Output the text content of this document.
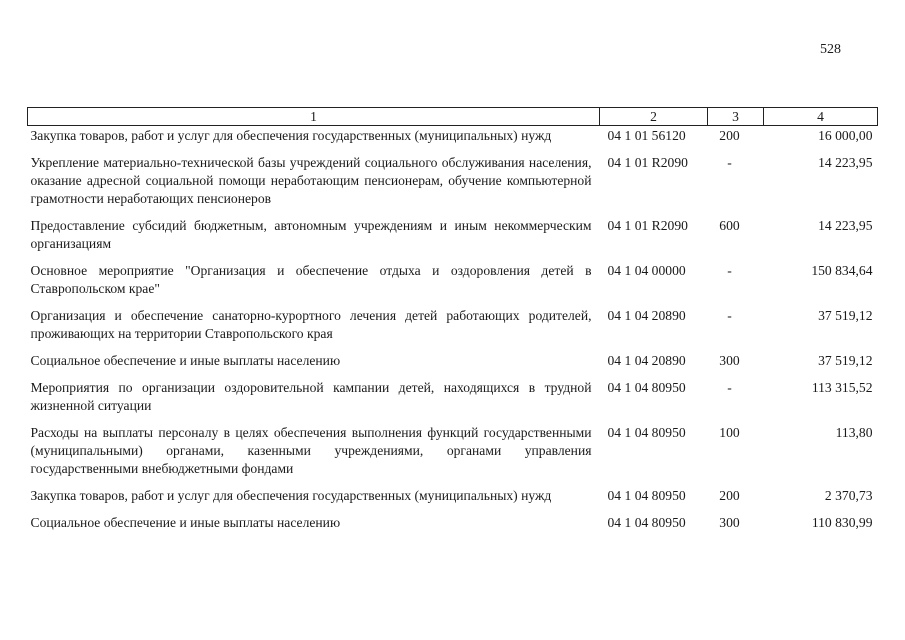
528
1	2	3	4
Закупка товаров, работ и услуг для обеспечения государственных (муниципальных) нужд	04 1 01 56120	200	16 000,00
Укрепление материально-технической базы учреждений социального обслуживания населения, оказание адресной социальной помощи неработающим пенсионерам, обучение компьютерной грамотности неработающих пенсионеров	04 1 01 R2090	-	14 223,95
Предоставление субсидий бюджетным, автономным учреждениям и иным некоммерческим организациям	04 1 01 R2090	600	14 223,95
Основное мероприятие "Организация и обеспечение отдыха и оздоровления детей в Ставропольском крае"	04 1 04 00000	-	150 834,64
Организация и обеспечение санаторно-курортного лечения детей работающих родителей, проживающих на территории Ставропольского края	04 1 04 20890	-	37 519,12
Социальное обеспечение и иные выплаты населению	04 1 04 20890	300	37 519,12
Мероприятия по организации оздоровительной кампании детей, находящихся в трудной жизненной ситуации	04 1 04 80950	-	113 315,52
Расходы на выплаты персоналу в целях обеспечения выполнения функций государственными (муниципальными) органами, казенными учреждениями, органами управления государственными внебюджетными фондами	04 1 04 80950	100	113,80
Закупка товаров, работ и услуг для обеспечения государственных (муниципальных) нужд	04 1 04 80950	200	2 370,73
Социальное обеспечение и иные выплаты населению	04 1 04 80950	300	110 830,99
